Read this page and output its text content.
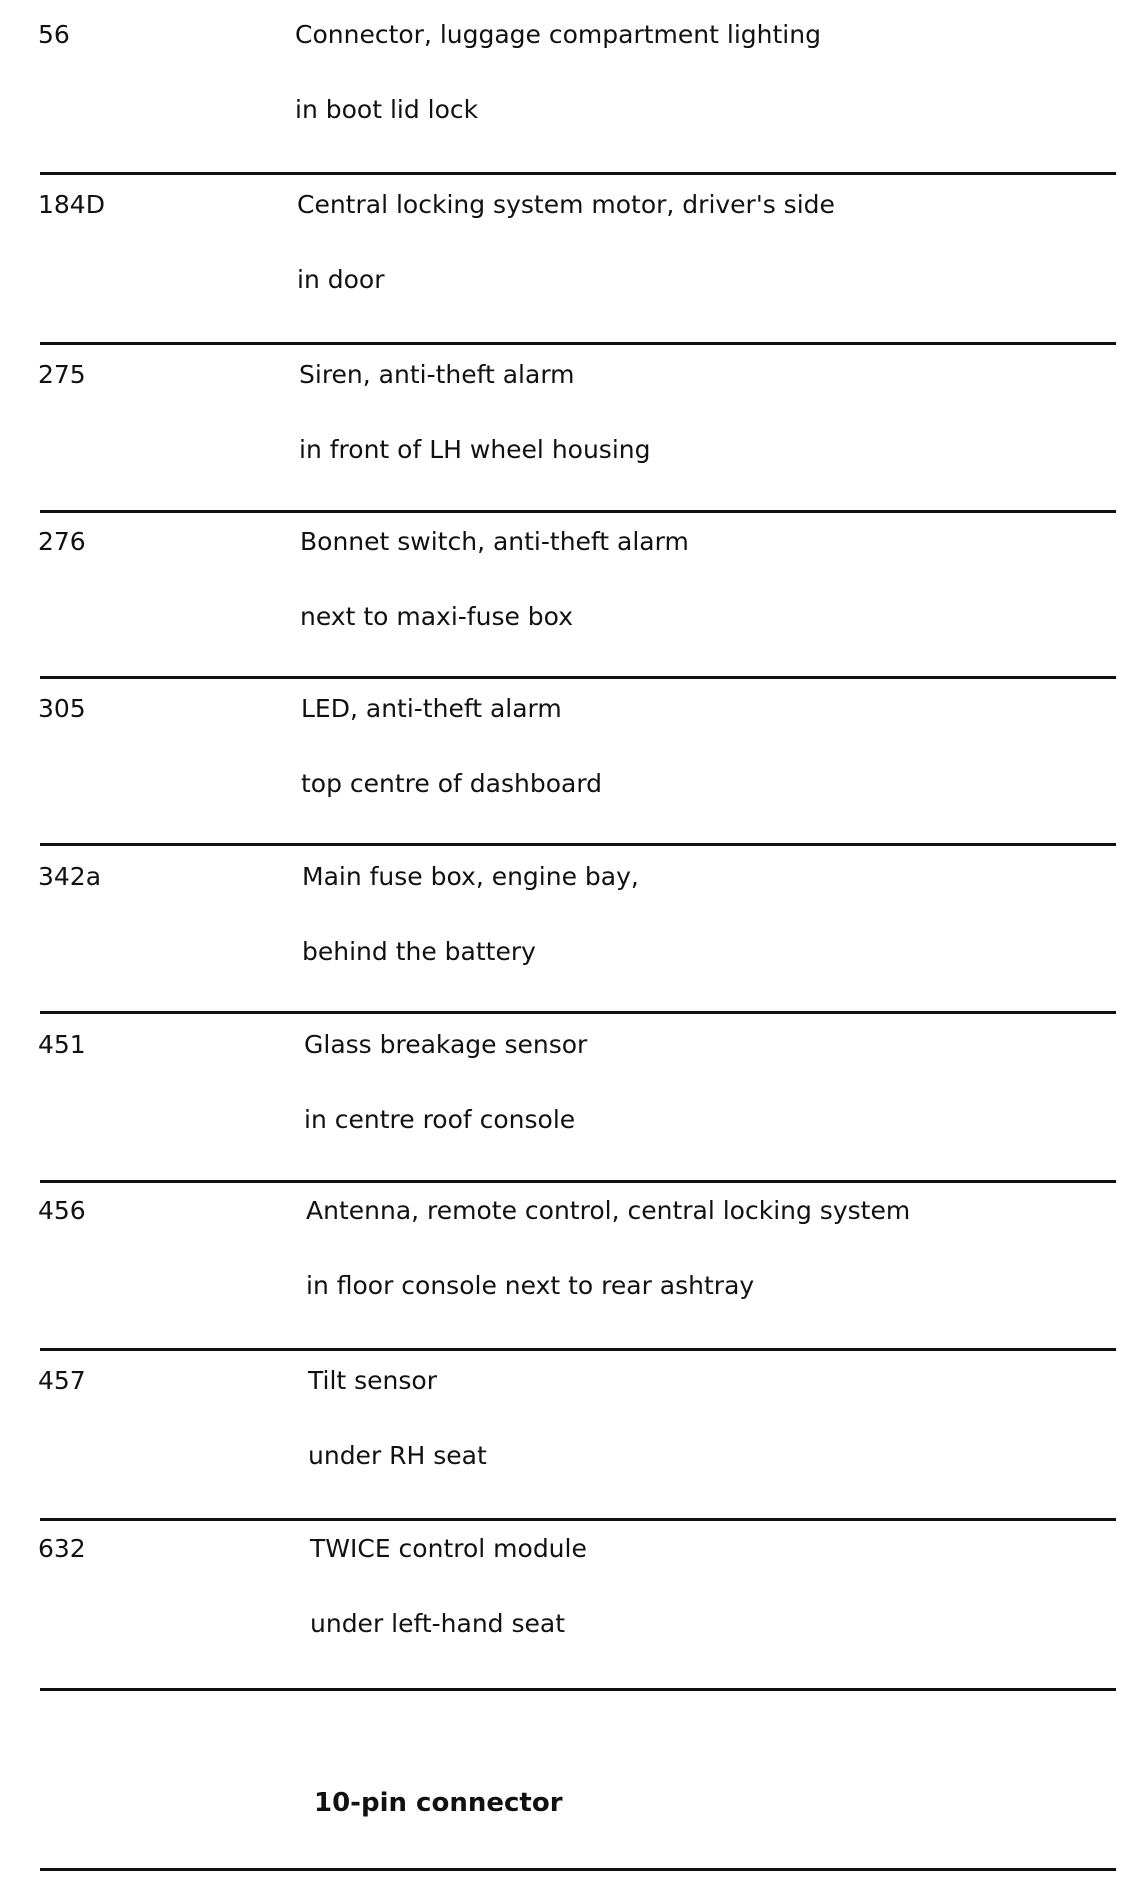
56	Connector, luggage compartment lighting
in boot lid lock
184D	Central locking system motor, driver's side
in door
275	Siren, anti-theft alarm
in front of LH wheel housing
276	Bonnet switch, anti-theft alarm
next to maxi-fuse box
305	LED, anti-theft alarm
top centre of dashboard
342a	Main fuse box, engine bay,
behind the battery
451	Glass breakage sensor
in centre roof console
456	Antenna, remote control, central locking system
in floor console next to rear ashtray
457	Tilt sensor
under RH seat
632	TWICE control module
under left-hand seat
10-pin connector
